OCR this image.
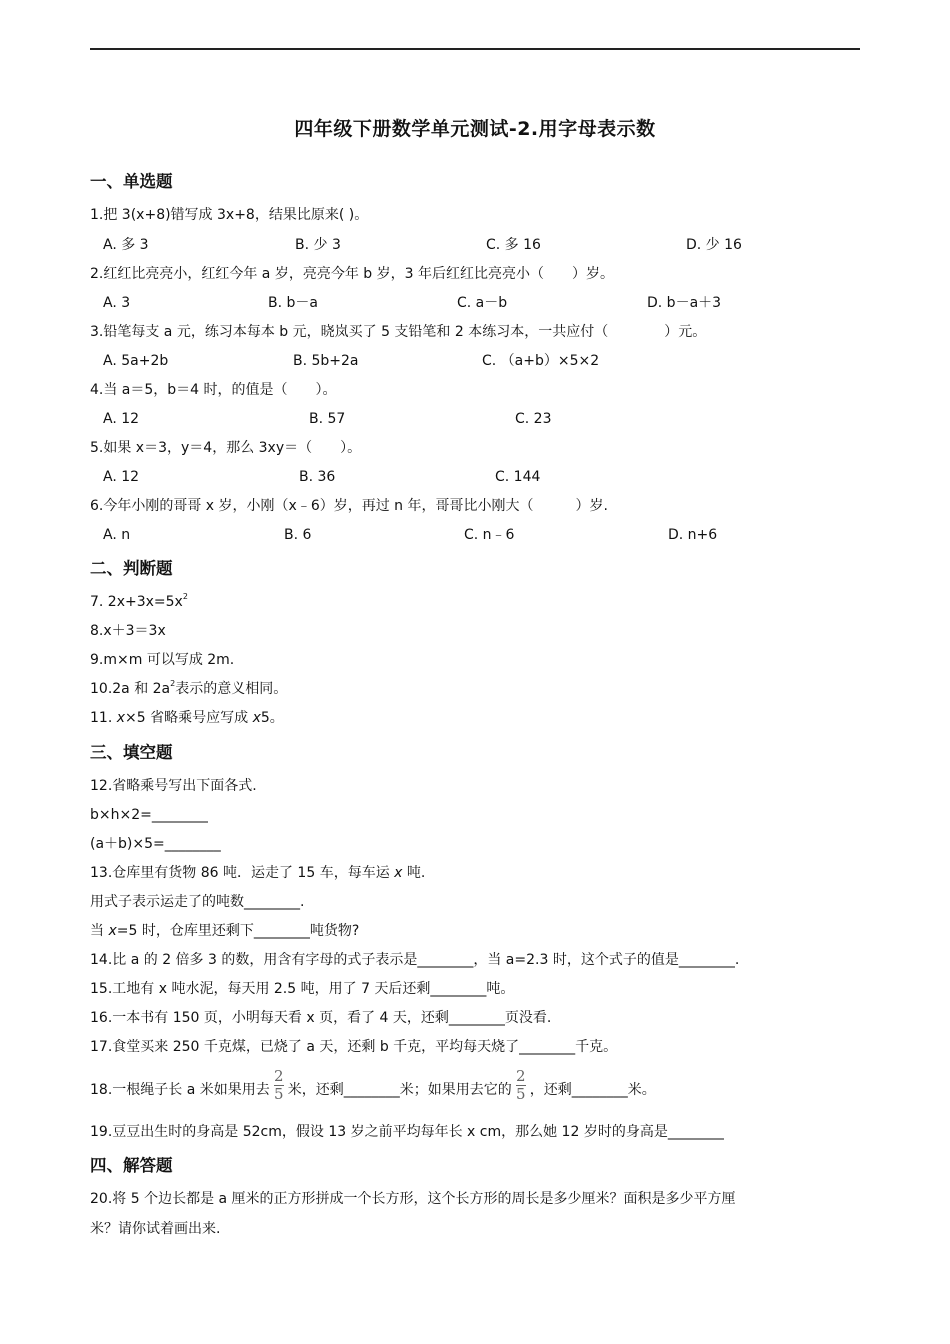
四年级下册数学单元测试-2.用字母表示数
一、单选题
1.把 3(x+8)错写成 3x+8，结果比原来( )。
A. 多 3	B. 少 3	C. 多 16	D. 少 16
2.红红比亮亮小，红红今年 a 岁，亮亮今年 b 岁，3 年后红红比亮亮小（　　）岁。
A. 3	B. b－a	C. a－b	D. b－a＋3
3.铅笔每支 a 元，练习本每本 b 元，晓岚买了 5 支铅笔和 2 本练习本，一共应付（　　　　）元。
A. 5a+2b	B. 5b+2a	C. （a+b）×5×2
4.当 a＝5，b＝4 时，的值是（　　）。
A. 12	B. 57	C. 23
5.如果 x＝3，y＝4，那么 3xy＝（　　）。
A. 12	B. 36	C. 144
6.今年小刚的哥哥 x 岁，小刚（x﹣6）岁，再过 n 年，哥哥比小刚大（　　　）岁.
A. n	B. 6	C. n﹣6	D. n+6
二、判断题
7. $2x+3x=5x^2$
8.x＋3＝3x
9.m×m 可以写成 2m.
10.2a 和 $2a^2$表示的意义相同。
11. x×5 省略乘号应写成 x5。
三、填空题
12.省略乘号写出下面各式.
b×h×2=________
(a＋b)×5=________
13.仓库里有货物 86 吨．运走了 15 车，每车运 x 吨.
用式子表示运走了的吨数________.
当 x=5 时，仓库里还剩下________吨货物?
14.比 a 的 2 倍多 3 的数，用含有字母的式子表示是________，当 a=2.3 时，这个式子的值是________.
15.工地有 x 吨水泥，每天用 2.5 吨，用了 7 天后还剩________吨。
16.一本书有 150 页，小明每天看 x 页，看了 4 天，还剩________页没看.
17.食堂买来 250 千克煤，已烧了 a 天，还剩 b 千克，平均每天烧了________千克。
18.一根绳子长 a 米如果用去 $\frac{2}{5}$ 米，还剩________米；如果用去它的 $\frac{2}{5}$ ，还剩________米。
19.豆豆出生时的身高是 52cm，假设 13 岁之前平均每年长 x cm，那么她 12 岁时的身高是________
四、解答题
20.将 5 个边长都是 a 厘米的正方形拼成一个长方形，这个长方形的周长是多少厘米？面积是多少平方厘
米？请你试着画出来.
